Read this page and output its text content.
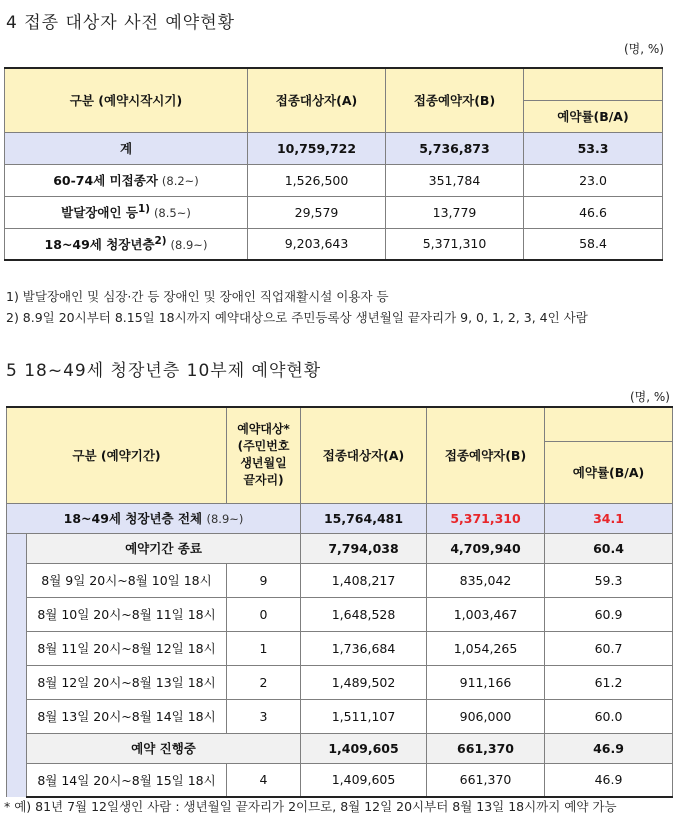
4 접종 대상자 사전 예약현황
(명, %)
구분 (예약시작시기)	접종대상자(A)	접종예약자(B)	
			예약률(B/A)
계	10,759,722	5,736,873	53.3
60-74세 미접종자 (8.2~)	1,526,500	351,784	23.0
발달장애인 등$^{1)}$ (8.5~)	29,579	13,779	46.6
18~49세 청장년층$^{2)}$ (8.9~)	9,203,643	5,371,310	58.4
1) 발달장애인 및 심장·간 등 장애인 및 장애인 직업재활시설 이용자 등
2) 8.9일 20시부터 8.15일 18시까지 예약대상으로 주민등록상 생년월일 끝자리가 9, 0, 1, 2, 3, 4인 사람
5 18~49세 청장년층 10부제 예약현황
(명, %)
구분 (예약기간)		예약대상*
(주민번호
생년월일
끝자리)	접종대상자(A)	접종예약자(B)	
					예약률(B/A)
18~49세 청장년층 전체 (8.9~)			15,764,481	5,371,310	34.1
	예약기간 종료		7,794,038	4,709,940	60.4
	8월 9일 20시~8월 10일 18시	9	1,408,217	835,042	59.3
	8월 10일 20시~8월 11일 18시	0	1,648,528	1,003,467	60.9
	8월 11일 20시~8월 12일 18시	1	1,736,684	1,054,265	60.7
	8월 12일 20시~8월 13일 18시	2	1,489,502	911,166	61.2
	8월 13일 20시~8월 14일 18시	3	1,511,107	906,000	60.0
	예약 진행중		1,409,605	661,370	46.9
	8월 14일 20시~8월 15일 18시	4	1,409,605	661,370	46.9
* 예) 81년 7월 12일생인 사람 : 생년월일 끝자리가 2이므로, 8월 12일 20시부터 8월 13일 18시까지 예약 가능
